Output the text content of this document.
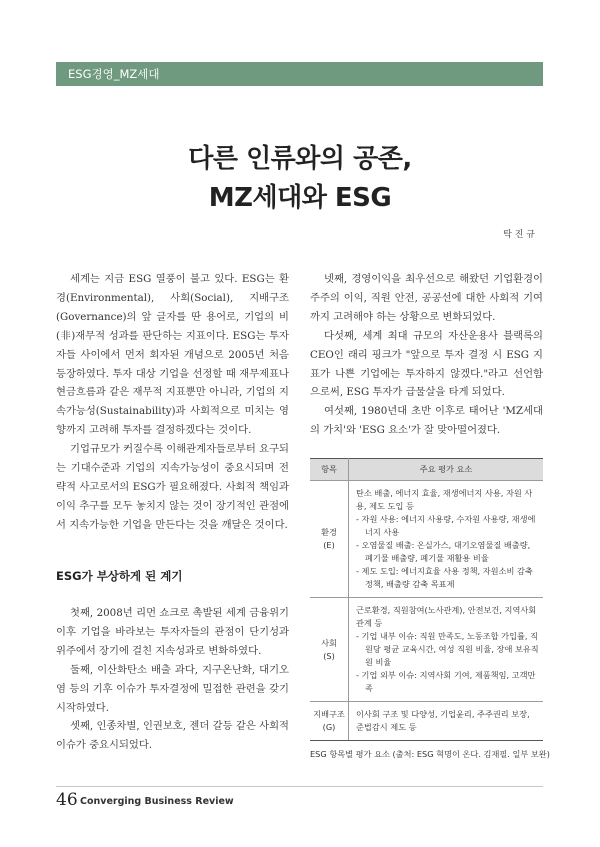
ESG경영_MZ세대
다른 인류와의 공존,
MZ세대와 ESG
탁 진 규

세계는 지금 ESG 열풍이 불고 있다. ESG는 환경(Environmental), 사회(Social), 지배구조(Governance)의 앞 글자를 딴 용어로, 기업의 비(非)재무적 성과를 판단하는 지표이다. ESG는 투자자들 사이에서 먼저 회자된 개념으로 2005년 처음 등장하였다. 투자 대상 기업을 선정할 때 재무제표나 현금흐름과 같은 재무적 지표뿐만 아니라, 기업의 지속가능성(Sustainability)과 사회적으로 미치는 영향까지 고려해 투자를 결정하겠다는 것이다.

기업규모가 커질수록 이해관계자들로부터 요구되는 기대수준과 기업의 지속가능성이 중요시되며 전략적 사고로서의 ESG가 필요해졌다. 사회적 책임과 이익 추구를 모두 놓치지 않는 것이 장기적인 관점에서 지속가능한 기업을 만든다는 것을 깨달은 것이다.

ESG가 부상하게 된 계기

첫째, 2008년 리먼 쇼크로 촉발된 세계 금융위기 이후 기업을 바라보는 투자자들의 관점이 단기성과 위주에서 장기에 걸친 지속성과로 변화하였다.

둘째, 이산화탄소 배출 과다, 지구온난화, 대기오염 등의 기후 이슈가 투자결정에 밀접한 관련을 갖기 시작하였다.

셋째, 인종차별, 인권보호, 젠더 갈등 같은 사회적 이슈가 중요시되었다.

넷째, 경영이익을 최우선으로 해왔던 기업환경이 주주의 이익, 직원 안전, 공공선에 대한 사회적 기여까지 고려해야 하는 상황으로 변화되었다.

다섯째, 세계 최대 규모의 자산운용사 블랙록의 CEO인 래리 핑크가 "앞으로 투자 결정 시 ESG 지표가 나쁜 기업에는 투자하지 않겠다."라고 선언함으로써, ESG 투자가 급물살을 타게 되었다.

여섯째, 1980년대 초반 이후로 태어난 'MZ세대의 가치'와 'ESG 요소'가 잘 맞아떨어졌다.

항목	주요 평가 요소

환경
(E)	탄소 배출, 에너지 효율, 재생에너지 사용, 자원 사용, 제도 도입 등
- 자원 사용: 에너지 사용량, 수자원 사용량, 재생에너지 사용
- 오염물질 배출: 온실가스, 대기오염물질 배출량, 폐기물 배출량, 폐기물 재활용 비율
- 제도 도입: 에너지효율 사용 정책, 자원소비 감축정책, 배출량 감축 목표제

사회
(S)	근로환경, 직원참여(노사관계), 안전보건, 지역사회 관계 등
- 기업 내부 이슈: 직원 만족도, 노동조합 가입률, 직원당 평균 교육시간, 여성 직원 비율, 장애 보유직원 비율
- 기업 외부 이슈: 지역사회 기여, 제품책임, 고객만족

지배구조
(G)	이사회 구조 및 다양성, 기업윤리, 주주권리 보장, 준법감시 제도 등
ESG 항목별 평가 요소 (출처: ESG 혁명이 온다. 김재필. 일부 보완)
46 Converging Business Review
